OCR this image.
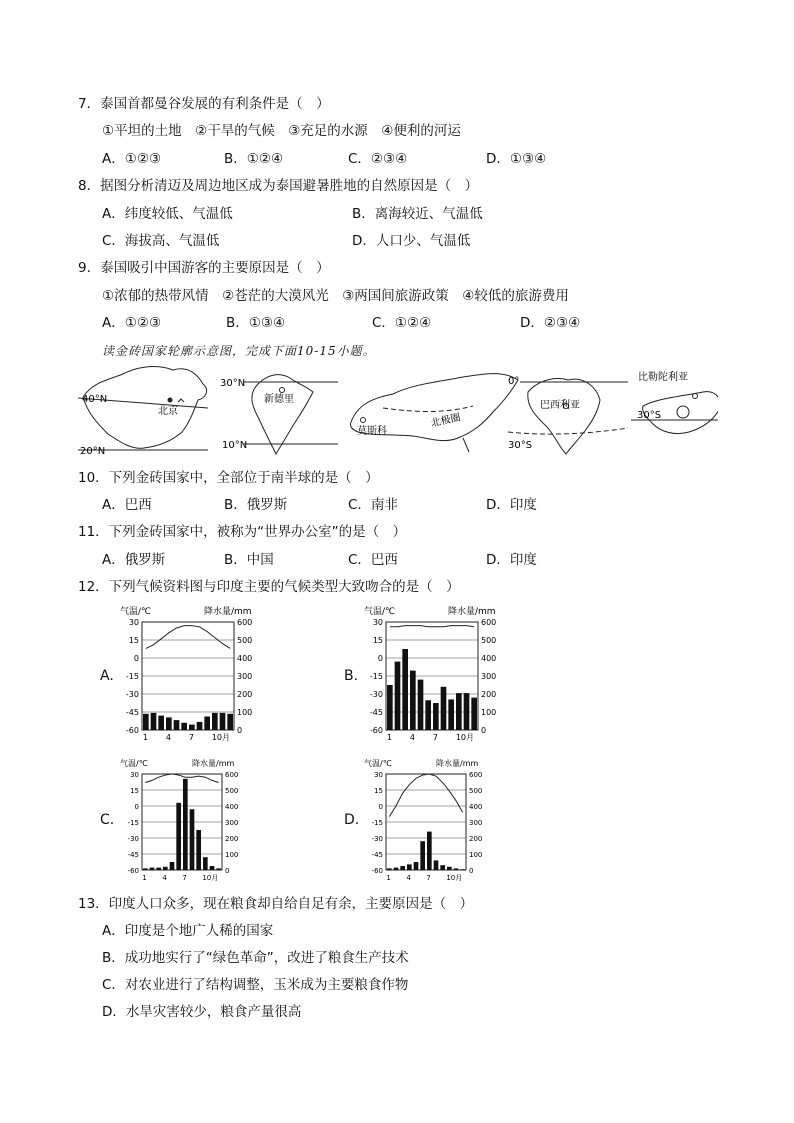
7．泰国首都曼谷发展的有利条件是（　）
①平坦的土地　②干旱的气候　③充足的水源　④便利的河运
A．①②③	B．①②④	C．②③④	D．①③④
8．据图分析清迈及周边地区成为泰国避暑胜地的自然原因是（　）
A．纬度较低、气温低	B．离海较近、气温低
C．海拔高、气温低	D．人口少、气温低
9．泰国吸引中国游客的主要原因是（　）
①浓郁的热带风情　②苍茫的大漠风光　③两国间旅游政策　④较低的旅游费用
A．①②③	B．①③④	C．①②④	D．②③④
读金砖国家轮廓示意图，完成下面10-15小题。
40°N
北京
20°N
30°N
新德里
10°N
莫斯科
北极圈
0°
巴西利亚
30°S
比勒陀利亚
30°S
10．下列金砖国家中，全部位于南半球的是（　）
A．巴西	B．俄罗斯	C．南非	D．印度
11．下列金砖国家中，被称为“世界办公室”的是（　）
A．俄罗斯	B．中国	C．巴西	D．印度
12．下列气候资料图与印度主要的气候类型大致吻合的是（　）
A.	B.
C.	D.
气温/℃	降水量/mm
30
15
0
-15
-30
-45
-60
600
500
400
300
200
100
0
1 4 7 10月
气温/℃	降水量/mm
30
15
0
-15
-30
-45
-60
600
500
400
300
200
100
0
1 4 7 10月
气温/℃	降水量/mm
30
15
0
-15
-30
-45
-60
600
500
400
300
200
100
0
1 4 7 10月
气温/℃	降水量/mm
30
15
0
-15
-30
-45
-60
600
500
400
300
200
100
0
1 4 7 10月
13．印度人口众多，现在粮食却自给自足有余，主要原因是（　）
A．印度是个地广人稀的国家
B．成功地实行了“绿色革命”，改进了粮食生产技术
C．对农业进行了结构调整，玉米成为主要粮食作物
D．水旱灾害较少，粮食产量很高
